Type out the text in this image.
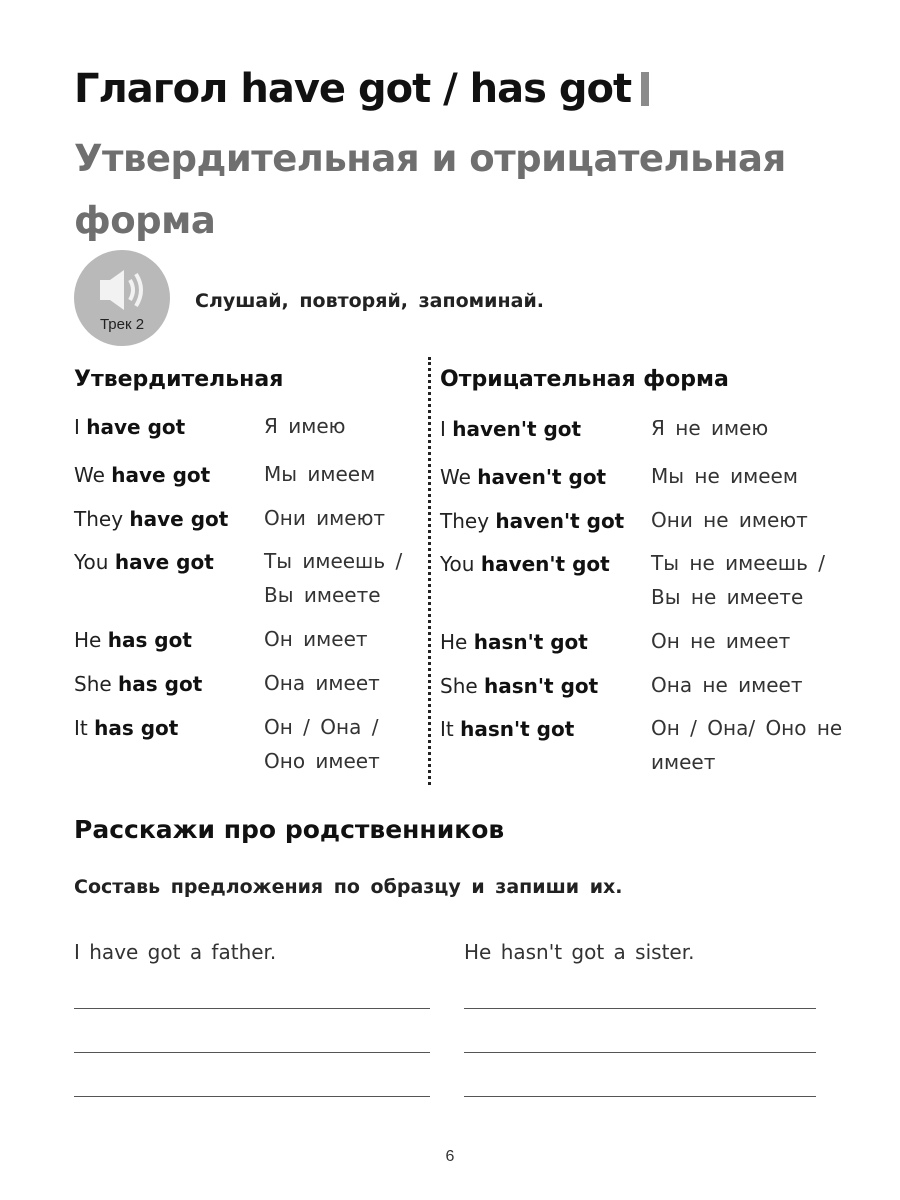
Глагол have got / has got
Утвердительная и отрицательная форма
Трек 2
Слушай, повторяй, запоминай.
Утвердительная	Отрицательная форма
I have got	Я имею
We have got	Мы имеем
They have got Они имеют
You have got	Ты имеешь / Вы имеете
He has got	Он имеет
She has got	Она имеет
It has got	Он / Она / Оно имеет
I haven't got	Я не имею
We haven't got Мы не имеем
They haven't got Они не имеют
You haven't got Ты не имеешь / Вы не имеете
He hasn't got	Он не имеет
She hasn't got	Она не имеет
It hasn't got	Он / Она/ Оно не имеет
Расскажи про родственников
Составь предложения по образцу и запиши их.
I have got a father.	He hasn't got a sister.
6
